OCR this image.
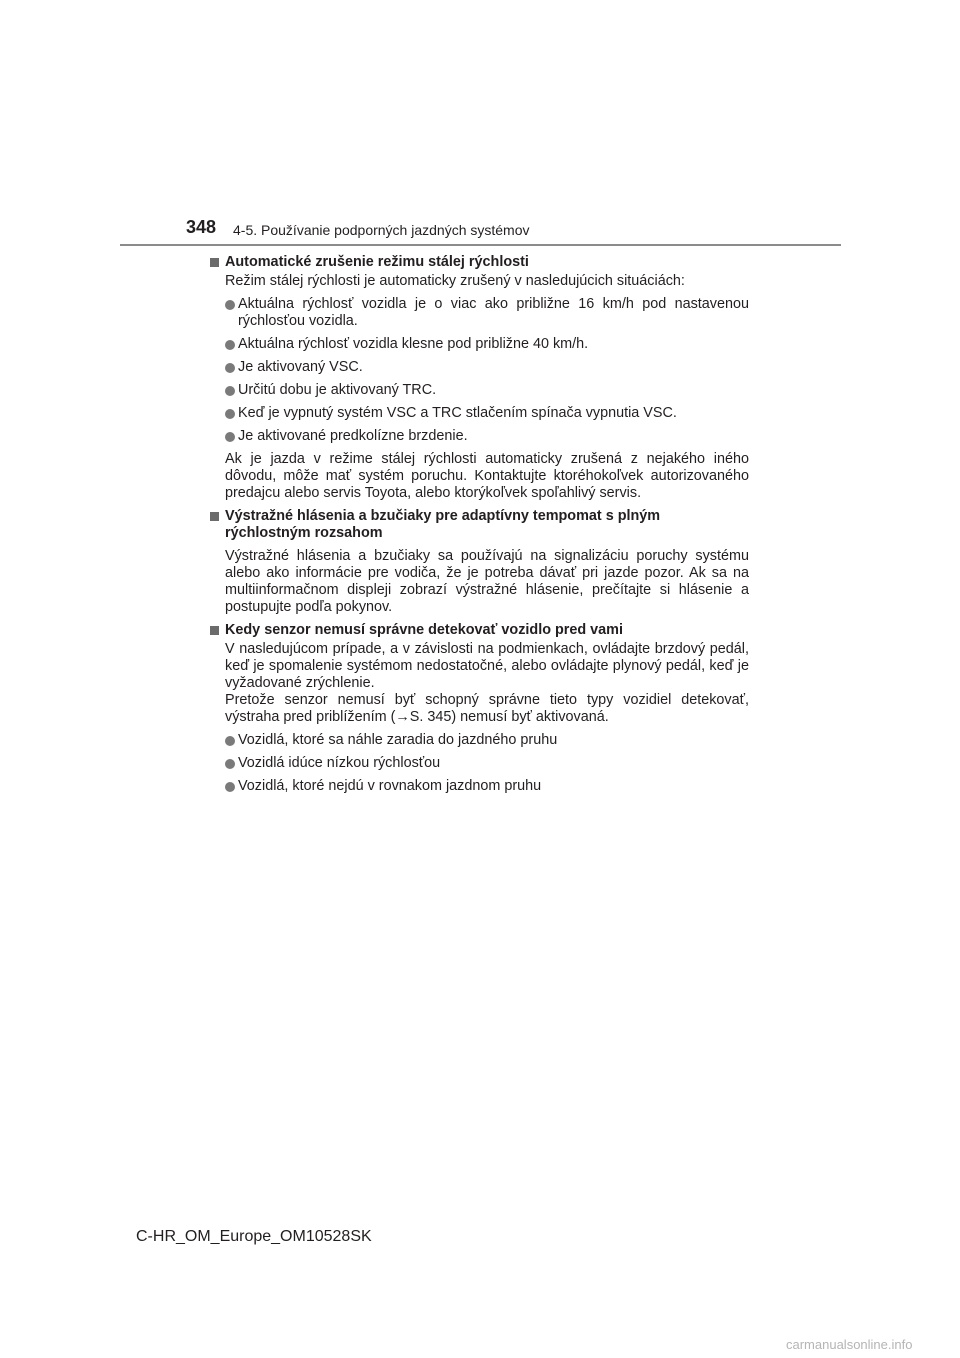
348 4-5. Používanie podporných jazdných systémov

Automatické zrušenie režimu stálej rýchlosti

Režim stálej rýchlosti je automaticky zrušený v nasledujúcich situáciách:

Aktuálna rýchlosť vozidla je o viac ako približne 16 km/h pod nastavenou rýchlosťou vozidla.
Aktuálna rýchlosť vozidla klesne pod približne 40 km/h.
Je aktivovaný VSC.
Určitú dobu je aktivovaný TRC.
Keď je vypnutý systém VSC a TRC stlačením spínača vypnutia VSC.
Je aktivované predkolízne brzdenie.

Ak je jazda v režime stálej rýchlosti automaticky zrušená z nejakého iného dôvodu, môže mať systém poruchu. Kontaktujte ktoréhokoľvek autorizovaného predajcu alebo servis Toyota, alebo ktorýkoľvek spoľahlivý servis.

Výstražné hlásenia a bzučiaky pre adaptívny tempomat s plným rýchlostným rozsahom

Výstražné hlásenia a bzučiaky sa používajú na signalizáciu poruchy systému alebo ako informácie pre vodiča, že je potreba dávať pri jazde pozor. Ak sa na multiinformačnom displeji zobrazí výstražné hlásenie, prečítajte si hlásenie a postupujte podľa pokynov.

Kedy senzor nemusí správne detekovať vozidlo pred vami

V nasledujúcom prípade, a v závislosti na podmienkach, ovládajte brzdový pedál, keď je spomalenie systémom nedostatočné, alebo ovládajte plynový pedál, keď je vyžadované zrýchlenie.

Pretože senzor nemusí byť schopný správne tieto typy vozidiel detekovať, výstraha pred priblížením (→S. 345) nemusí byť aktivovaná.

Vozidlá, ktoré sa náhle zaradia do jazdného pruhu
Vozidlá idúce nízkou rýchlosťou
Vozidlá, ktoré nejdú v rovnakom jazdnom pruhu
C-HR_OM_Europe_OM10528SK
carmanualsonline.info
